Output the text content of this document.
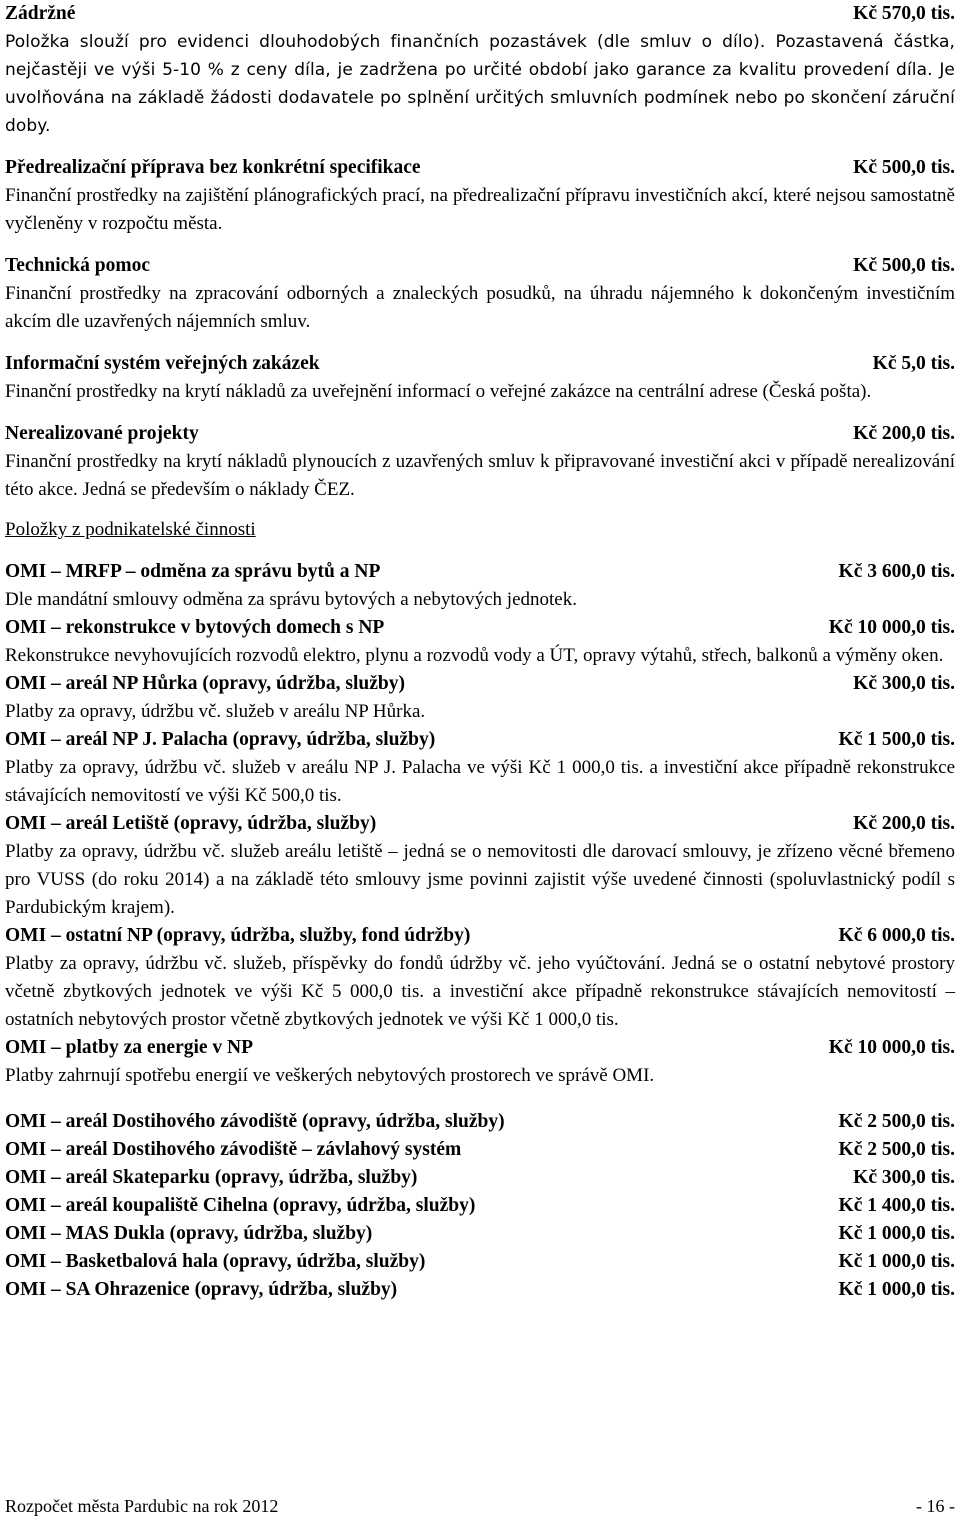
Zádržné	Kč 570,0 tis.

Položka slouží pro evidenci dlouhodobých finančních pozastávek (dle smluv o dílo). Pozastavená částka, nejčastěji ve výši 5-10 % z ceny díla, je zadržena po určité období jako garance za kvalitu provedení díla. Je uvolňována na základě žádosti dodavatele po splnění určitých smluvních podmínek nebo po skončení záruční doby.

Předrealizační příprava bez konkrétní specifikace	Kč 500,0 tis.

Finanční prostředky na zajištění plánografických prací, na předrealizační přípravu investičních akcí, které nejsou samostatně vyčleněny v rozpočtu města.

Technická pomoc	Kč 500,0 tis.

Finanční prostředky na zpracování odborných a znaleckých posudků, na úhradu nájemného k dokončeným investičním akcím dle uzavřených nájemních smluv.

Informační systém veřejných zakázek	Kč 5,0 tis.

Finanční prostředky na krytí nákladů za uveřejnění informací o veřejné zakázce na centrální adrese (Česká pošta).

Nerealizované projekty	Kč 200,0 tis.

Finanční prostředky na krytí nákladů plynoucích z uzavřených smluv k připravované investiční akci v případě nerealizování této akce. Jedná se především o náklady ČEZ.

Položky z podnikatelské činnosti
OMI – MRFP – odměna za správu bytů a NP	Kč 3 600,0 tis.

Dle mandátní smlouvy odměna za správu bytových a nebytových jednotek.

OMI – rekonstrukce v bytových domech s NP	Kč 10 000,0 tis.

Rekonstrukce nevyhovujících rozvodů elektro, plynu a rozvodů vody a ÚT, opravy výtahů, střech, balkonů a výměny oken.

OMI – areál NP Hůrka (opravy, údržba, služby)	Kč 300,0 tis.

Platby za opravy, údržbu vč. služeb v areálu NP Hůrka.

OMI – areál NP J. Palacha (opravy, údržba, služby)	Kč 1 500,0 tis.

Platby za opravy, údržbu vč. služeb v areálu NP J. Palacha ve výši Kč 1 000,0 tis. a investiční akce případně rekonstrukce stávajících nemovitostí ve výši Kč 500,0 tis.

OMI – areál Letiště (opravy, údržba, služby)	Kč 200,0 tis.

Platby za opravy, údržbu vč. služeb areálu letiště – jedná se o nemovitosti dle darovací smlouvy, je zřízeno věcné břemeno pro VUSS (do roku 2014) a na základě této smlouvy jsme povinni zajistit výše uvedené činnosti (spoluvlastnický podíl s Pardubickým krajem).

OMI – ostatní NP (opravy, údržba, služby, fond údržby)	Kč 6 000,0 tis.

Platby za opravy, údržbu vč. služeb, příspěvky do fondů údržby vč. jeho vyúčtování. Jedná se o ostatní nebytové prostory včetně zbytkových jednotek ve výši Kč 5 000,0 tis. a investiční akce případně rekonstrukce stávajících nemovitostí – ostatních nebytových prostor včetně zbytkových jednotek ve výši Kč 1 000,0 tis.

OMI – platby za energie v NP	Kč 10 000,0 tis.

Platby zahrnují spotřebu energií ve veškerých nebytových prostorech ve správě OMI.

OMI – areál Dostihového závodiště (opravy, údržba, služby)	Kč 2 500,0 tis.
OMI – areál Dostihového závodiště – závlahový systém	Kč 2 500,0 tis.
OMI – areál Skateparku (opravy, údržba, služby)	Kč 300,0 tis.
OMI – areál koupaliště Cihelna (opravy, údržba, služby)	Kč 1 400,0 tis.
OMI – MAS Dukla (opravy, údržba, služby)	Kč 1 000,0 tis.
OMI – Basketbalová hala (opravy, údržba, služby)	Kč 1 000,0 tis.
OMI – SA Ohrazenice (opravy, údržba, služby)	Kč 1 000,0 tis.
Rozpočet města Pardubic na rok 2012	- 16 -
